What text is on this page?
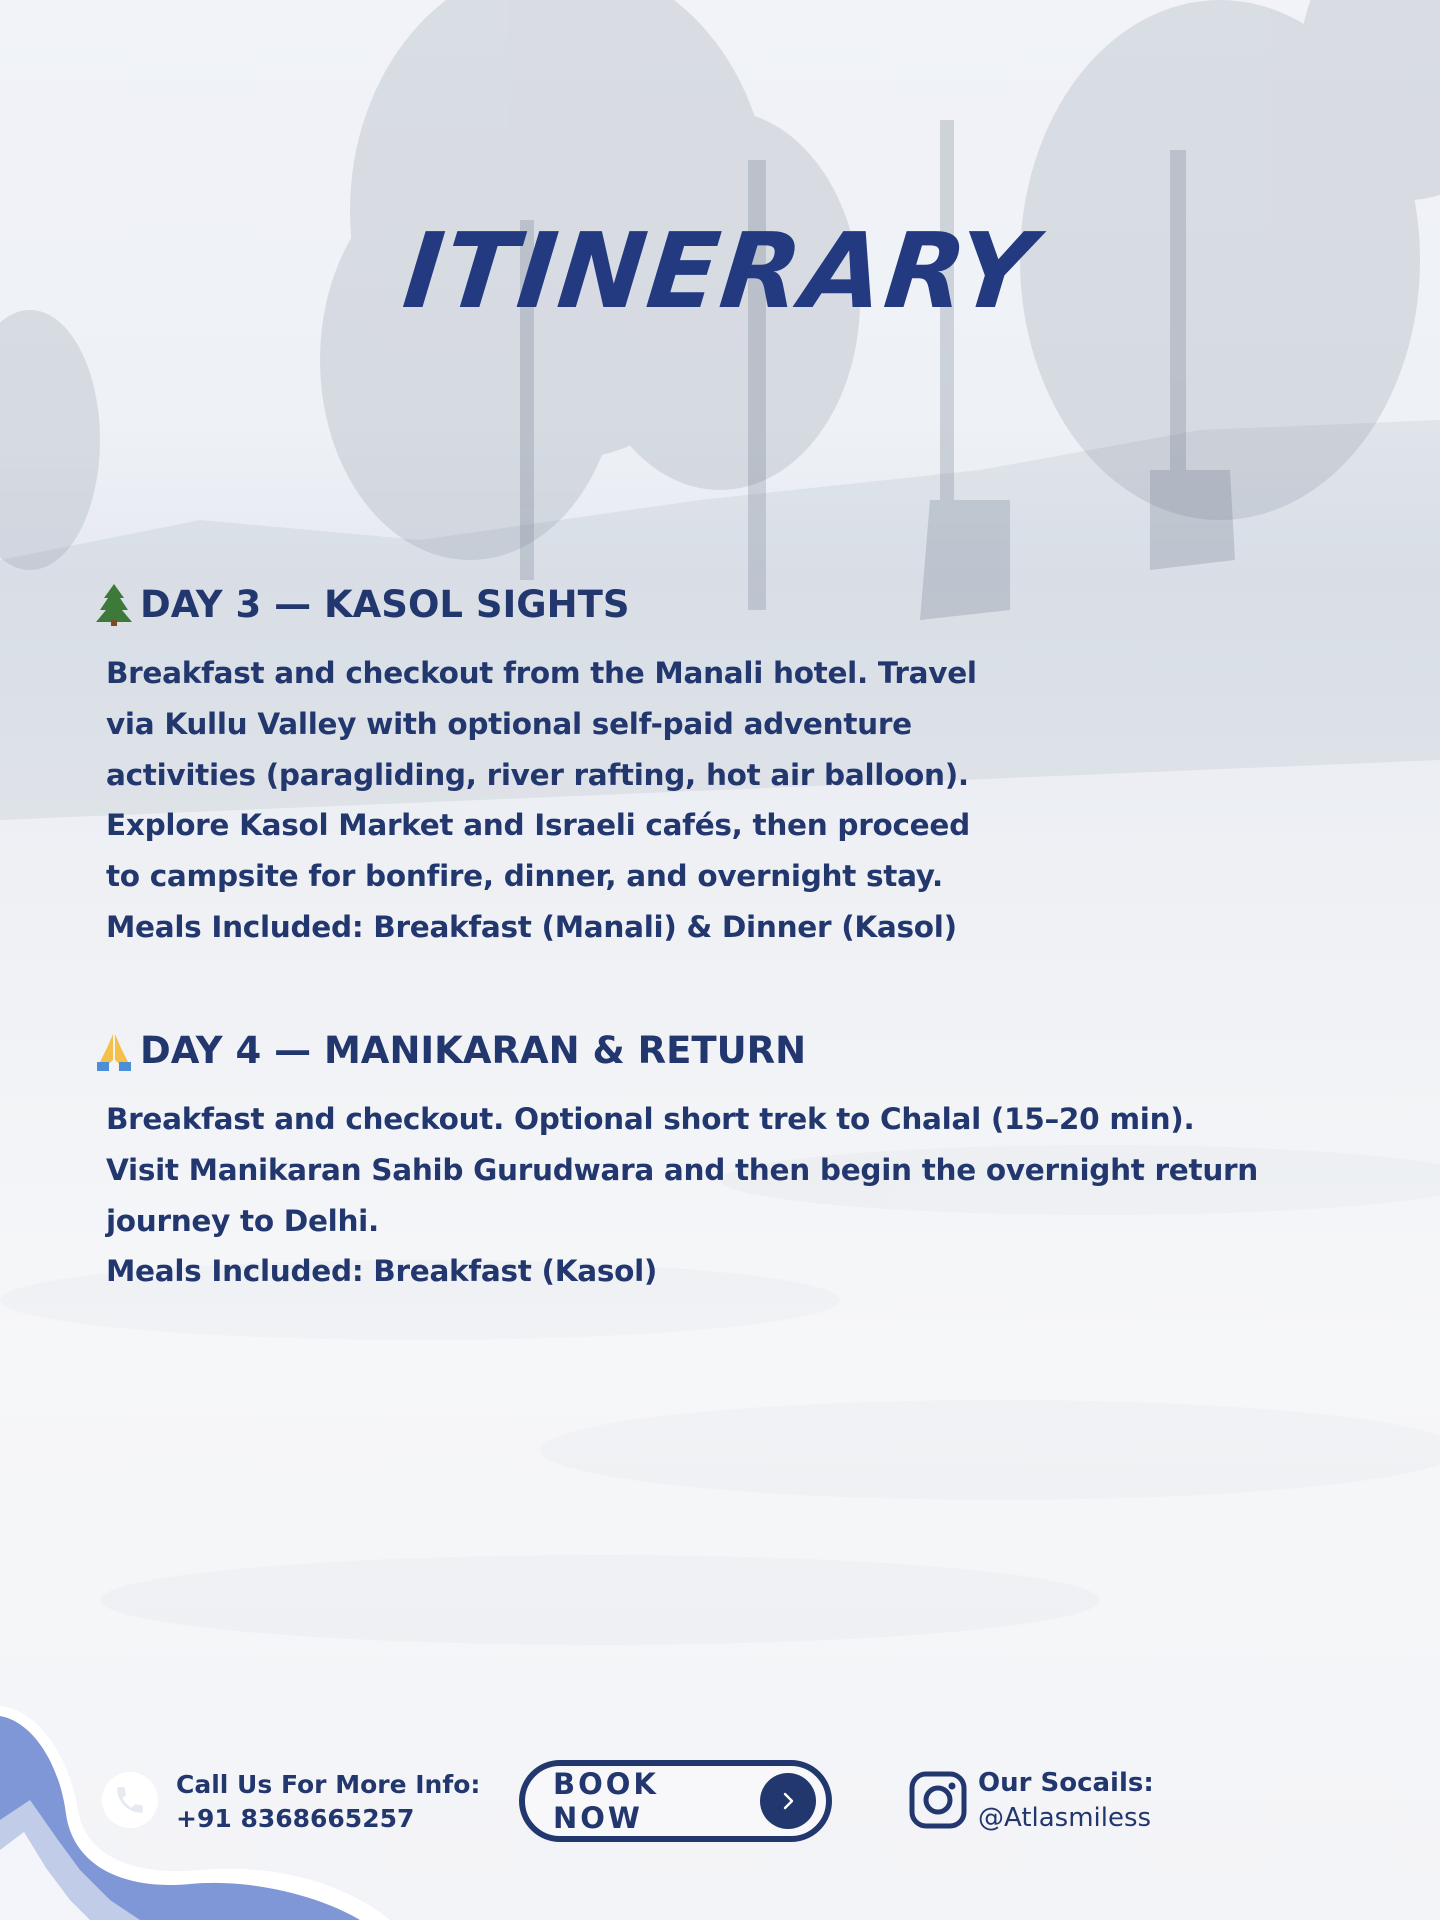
ITINERARY
DAY 3 — KASOL SIGHTS

Breakfast and checkout from the Manali hotel. Travel

via Kullu Valley with optional self-paid adventure

activities (paragliding, river rafting, hot air balloon).

Explore Kasol Market and Israeli cafés, then proceed

to campsite for bonfire, dinner, and overnight stay.

Meals Included: Breakfast (Manali) & Dinner (Kasol)

DAY 4 — MANIKARAN & RETURN

Breakfast and checkout. Optional short trek to Chalal (15–20 min).

Visit Manikaran Sahib Gurudwara and then begin the overnight return

journey to Delhi.

Meals Included: Breakfast (Kasol)

Call Us For More Info:
+91 8368665257
BOOK NOW
Our Socails:
@Atlasmiless
